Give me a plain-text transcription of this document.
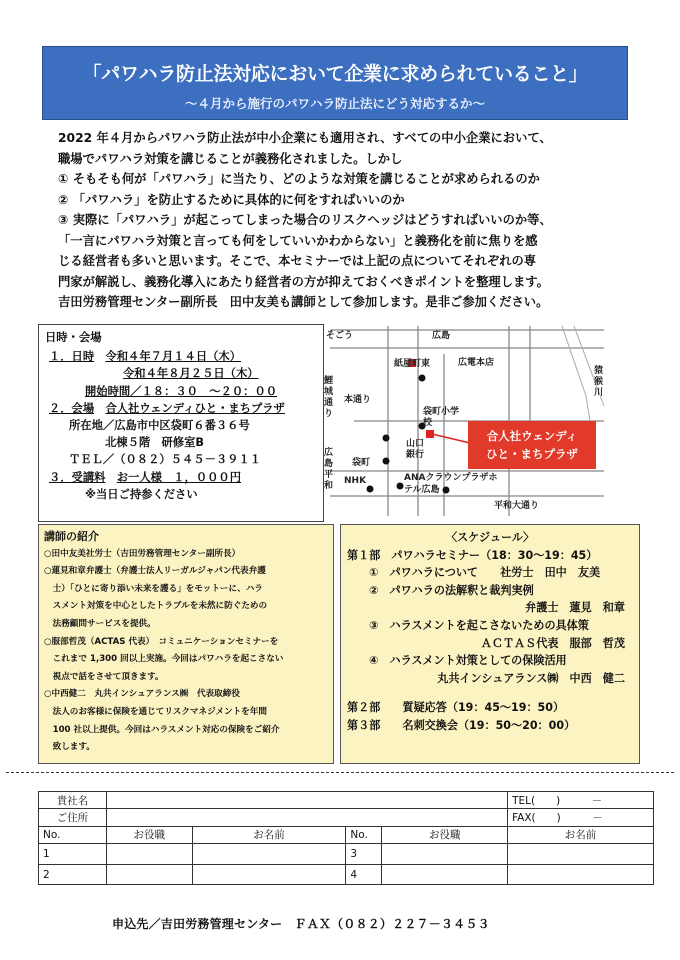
「パワハラ防止法対応において企業に求められていること」
～４月から施行のパワハラ防止法にどう対応するか～
2022 年４月からパワハラ防止法が中小企業にも適用され、すべての中小企業において、
職場でパワハラ対策を講じることが義務化されました。しかし
① そもそも何が「パワハラ」に当たり、どのような対策を講じることが求められるのか
② 「パワハラ」を防止するために具体的に何をすればいいのか
③ 実際に「パワハラ」が起こってしまった場合のリスクヘッジはどうすればいいのか等、
「一言にパワハラ対策と言っても何をしていいかわからない」と義務化を前に焦りを感
じる経営者も多いと思います。そこで、本セミナーでは上記の点についてそれぞれの専
門家が解説し、義務化導入にあたり経営者の方が抑えておくべきポイントを整理します。
吉田労務管理センター副所長　田中友美も講師として参加します。是非ご参加ください。
日時・会場
１．日時　 令和４年７月１４日（木）
令和４年８月２５日（木）
開始時間／１８：３０　～２０：００
２．会場　 合人社ウェンディひと・まちプラザ
所在地／広島市中区袋町６番３６号
北棟５階　研修室B
ＴＥＬ／（０８２）５４５－３９１１
３．受講料　 お一人様　１，０００円
※当日ご持参ください
そごう
紙屋町東	広電本店
本通り
袋町小学校
山口銀行
袋町
NHK	ANAクラウンプラザホテル広島
平和大通り
鯉城通り
猿猴川
広島平和
広島
合人社ウェンディ
ひと・まちプラザ
講師の紹介
○田中友美社労士（吉田労務管理センター副所長）
○蓮見和章弁護士（弁護士法人リーガルジャパン代表弁護
　士）「ひとに寄り添い未来を護る」をモットーに、ハラ
　スメント対策を中心としたトラブルを未然に防ぐための
　法務顧問サービスを提供。
○服部哲茂（ACTAS 代表）　コミュニケーションセミナーを
　これまで 1,300 回以上実施。今回はパワハラを起こさない
　視点で話をさせて頂きます。
○中西健二　丸共インシュアランス㈱　代表取締役
　法人のお客様に保険を通じてリスクマネジメントを年間
　100 社以上提供。今回はハラスメント対応の保険をご紹介
　致します。
〈スケジュール〉
第１部　パワハラセミナー（18：30～19：45）
①　パワハラについて　　社労士　田中　友美
②　パワハラの法解釈と裁判実例
弁護士　蓮見　和章
③　ハラスメントを起こさないための具体策
ＡＣＴＡＳ代表　服部　哲茂
④　ハラスメント対策としての保険活用
丸共インシュアランス㈱　中西　健二
第２部　　質疑応答（19：45～19：50）
第３部　　名刺交換会（19：50～20：00）
貴社名					TEL(　　)　　　－
ご住所					FAX(　　)　　　－
No.	お役職	お名前	No.	お役職	お名前
1			3		
2			4		
申込先／吉田労務管理センター　ＦＡＸ（０８２）２２７－３４５３
